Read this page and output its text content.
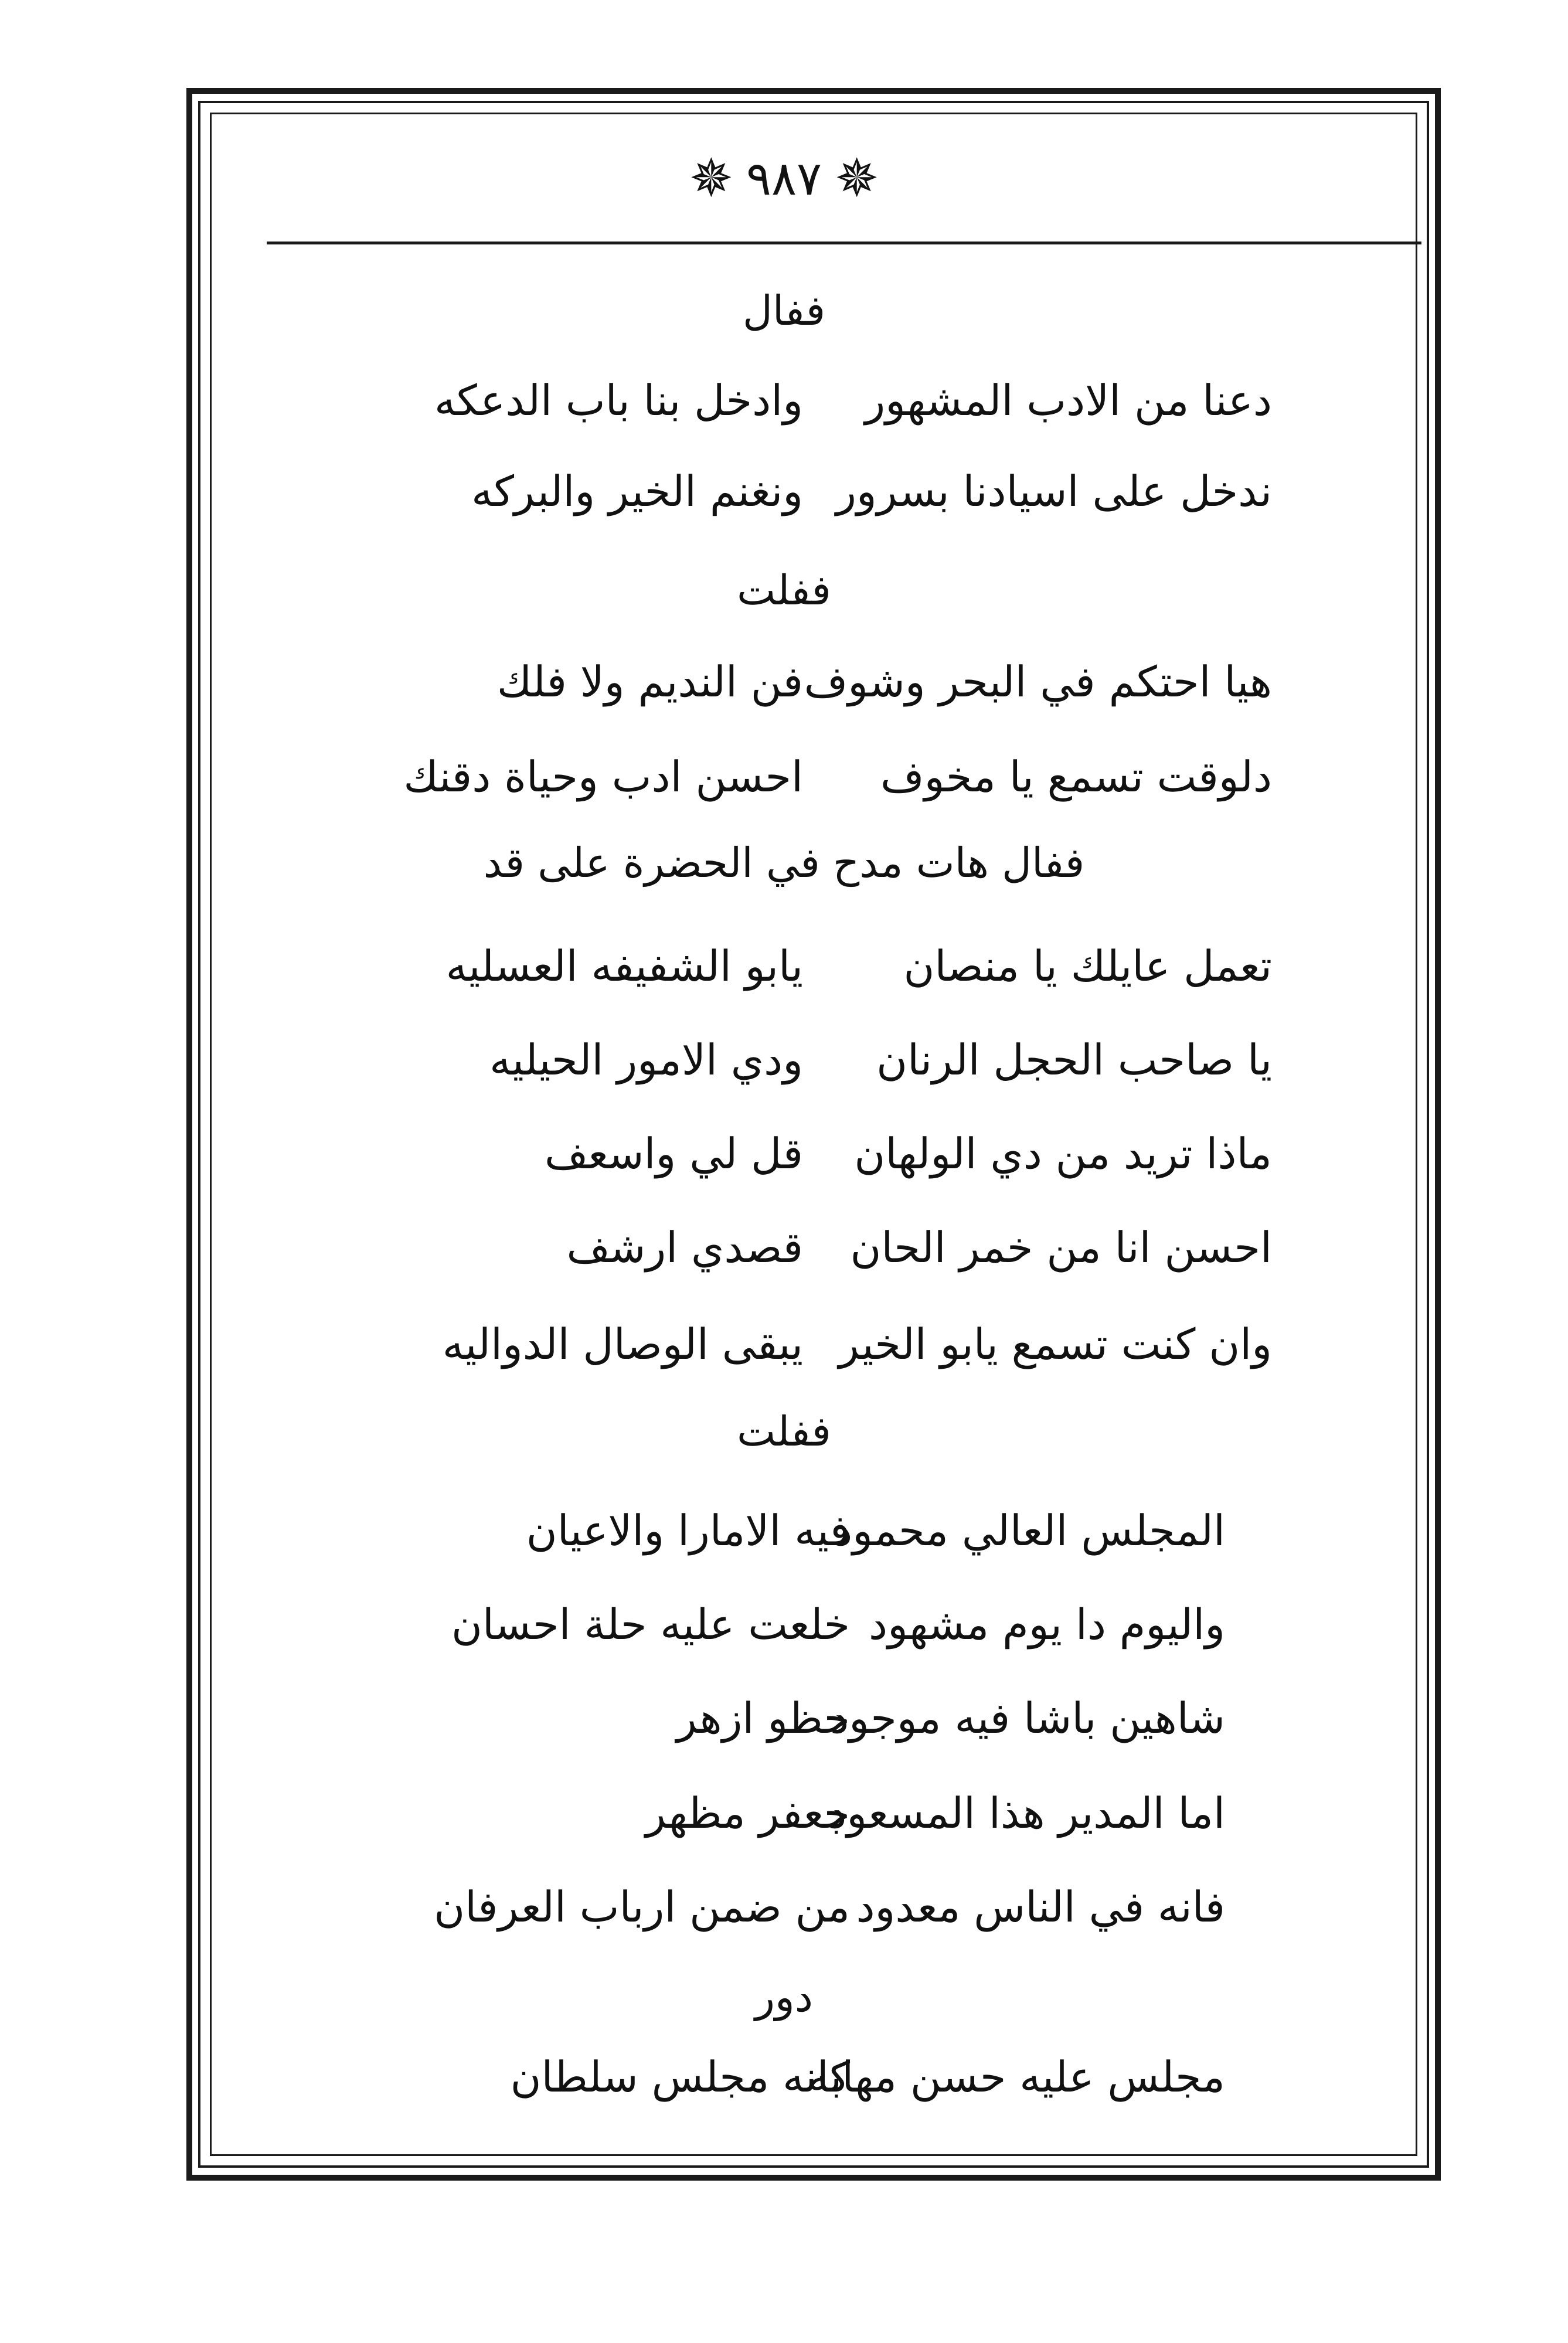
✵ ٩٨٧ ✵
ففال
دعنا من الادب المشهور
وادخل بنا باب الدعكه
ندخل على اسيادنا بسرور
ونغنم الخير والبركه
ففلت
هيا احتكم في البحر وشوف
فن النديم ولا فلك
دلوقت تسمع يا مخوف
احسن ادب وحياة دقنك
ففال هات مدح في الحضرة على قد
تعمل عايلك يا منصان
يابو الشفيفه العسليه
يا صاحب الحجل الرنان
ودي الامور الحيليه
ماذا تريد من دي الولهان
قل لي واسعف
احسن انا من خمر الحان
قصدي ارشف
وان كنت تسمع يابو الخير
يبقى الوصال الدواليه
ففلت
المجلس العالي محمود
فيه الامارا والاعيان
واليوم دا يوم مشهود
خلعت عليه حلة احسان
شاهين باشا فيه موجود
حظو ازهر
اما المدير هذا المسعود
جعفر مظهر
فانه في الناس معدود
من ضمن ارباب العرفان
دور
مجلس عليه حسن مهابه
كانه مجلس سلطان
